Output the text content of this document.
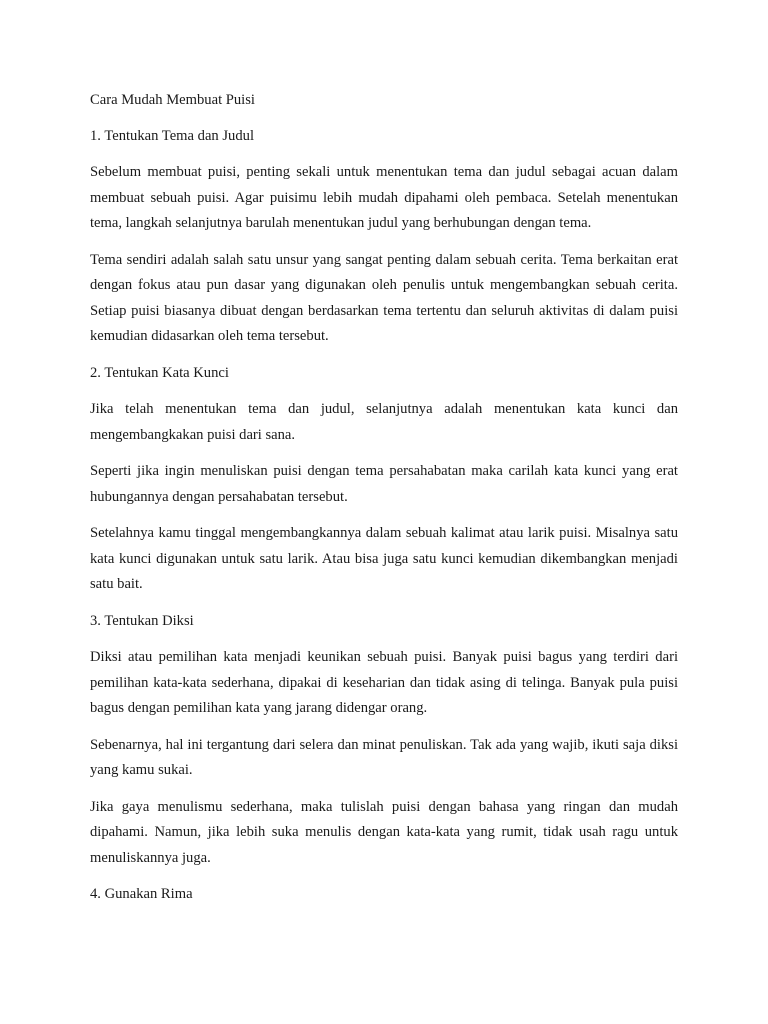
Cara Mudah Membuat Puisi

1. Tentukan Tema dan Judul

Sebelum membuat puisi, penting sekali untuk menentukan tema dan judul sebagai acuan dalam membuat sebuah puisi. Agar puisimu lebih mudah dipahami oleh pembaca. Setelah menentukan tema, langkah selanjutnya barulah menentukan judul yang berhubungan dengan tema.

Tema sendiri adalah salah satu unsur yang sangat penting dalam sebuah cerita. Tema berkaitan erat dengan fokus atau pun dasar yang digunakan oleh penulis untuk mengembangkan sebuah cerita. Setiap puisi biasanya dibuat dengan berdasarkan tema tertentu dan seluruh aktivitas di dalam puisi kemudian didasarkan oleh tema tersebut.

2. Tentukan Kata Kunci

Jika telah menentukan tema dan judul, selanjutnya adalah menentukan kata kunci dan mengembangkakan puisi dari sana.

Seperti jika ingin menuliskan puisi dengan tema persahabatan maka carilah kata kunci yang erat hubungannya dengan persahabatan tersebut.

Setelahnya kamu tinggal mengembangkannya dalam sebuah kalimat atau larik puisi. Misalnya satu kata kunci digunakan untuk satu larik. Atau bisa juga satu kunci kemudian dikembangkan menjadi satu bait.

3. Tentukan Diksi

Diksi atau pemilihan kata menjadi keunikan sebuah puisi. Banyak puisi bagus yang terdiri dari pemilihan kata-kata sederhana, dipakai di keseharian dan tidak asing di telinga. Banyak pula puisi bagus dengan pemilihan kata yang jarang didengar orang.

Sebenarnya, hal ini tergantung dari selera dan minat penuliskan. Tak ada yang wajib, ikuti saja diksi yang kamu sukai.

Jika gaya menulismu sederhana, maka tulislah puisi dengan bahasa yang ringan dan mudah dipahami. Namun, jika lebih suka menulis dengan kata-kata yang rumit, tidak usah ragu untuk menuliskannya juga.

4. Gunakan Rima
